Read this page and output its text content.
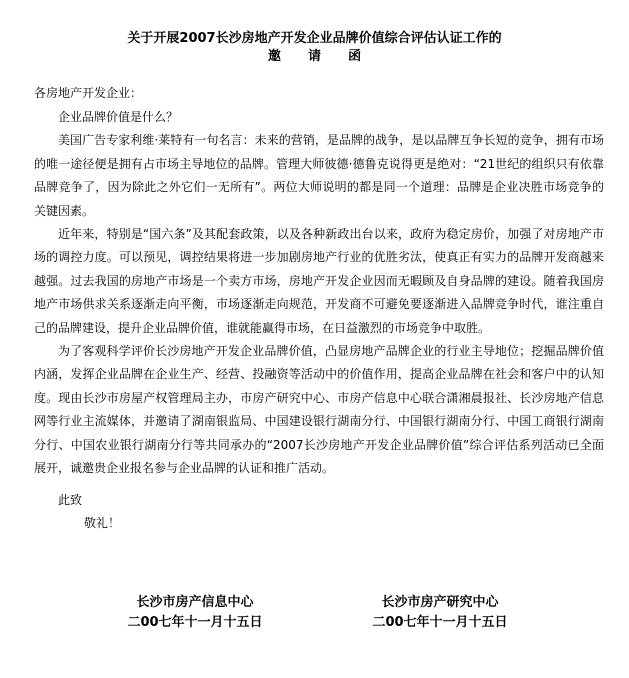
关于开展2007长沙房地产开发企业品牌价值综合评估认证工作的
邀 请 函
各房地产开发企业：

企业品牌价值是什么？

美国广告专家利维·莱特有一句名言：未来的营销，是品牌的战争，是以品牌互争长短的竞争，拥有市场的唯一途径便是拥有占市场主导地位的品牌。管理大师彼德·德鲁克说得更是绝对：“21世纪的组织只有依靠品牌竞争了，因为除此之外它们一无所有”。两位大师说明的都是同一个道理：品牌是企业决胜市场竞争的关键因素。

近年来，特别是“国六条”及其配套政策，以及各种新政出台以来，政府为稳定房价，加强了对房地产市场的调控力度。可以预见，调控结果将进一步加剧房地产行业的优胜劣汰，使真正有实力的品牌开发商越来越强。过去我国的房地产市场是一个卖方市场，房地产开发企业因而无暇顾及自身品牌的建设。随着我国房地产市场供求关系逐渐走向平衡，市场逐渐走向规范，开发商不可避免要逐渐进入品牌竞争时代，谁注重自己的品牌建设，提升企业品牌价值，谁就能赢得市场，在日益激烈的市场竞争中取胜。

为了客观科学评价长沙房地产开发企业品牌价值，凸显房地产品牌企业的行业主导地位；挖掘品牌价值内涵，发挥企业品牌在企业生产、经营、投融资等活动中的价值作用，提高企业品牌在社会和客户中的认知度。现由长沙市房屋产权管理局主办，市房产研究中心、市房产信息中心联合潇湘晨报社、长沙房地产信息网等行业主流媒体，并邀请了湖南银监局、中国建设银行湖南分行、中国银行湖南分行、中国工商银行湖南分行、中国农业银行湖南分行等共同承办的“2007长沙房地产开发企业品牌价值”综合评估系列活动已全面展开，诚邀贵企业报名参与企业品牌的认证和推广活动。

此致
敬礼！
长沙市房产信息中心
二00七年十一月十五日
长沙市房产研究中心
二00七年十一月十五日
